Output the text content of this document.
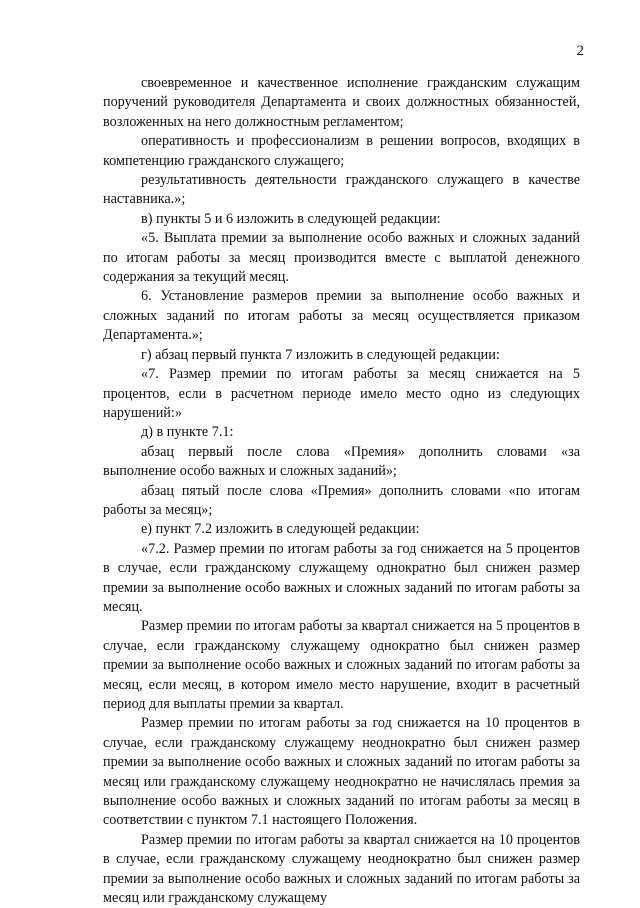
2

своевременное и качественное исполнение гражданским служащим поручений руководителя Департамента и своих должностных обязанностей, возложенных на него должностным регламентом;

оперативность и профессионализм в решении вопросов, входящих в компетенцию гражданского служащего;

результативность деятельности гражданского служащего в качестве наставника.»;

в) пункты 5 и 6 изложить в следующей редакции:

«5. Выплата премии за выполнение особо важных и сложных заданий по итогам работы за месяц производится вместе с выплатой денежного содержания за текущий месяц.

6. Установление размеров премии за выполнение особо важных и сложных заданий по итогам работы за месяц осуществляется приказом Департамента.»;

г) абзац первый пункта 7 изложить в следующей редакции:

«7. Размер премии по итогам работы за месяц снижается на 5 процентов, если в расчетном периоде имело место одно из следующих нарушений:»

д) в пункте 7.1:

абзац первый после слова «Премия» дополнить словами «за выполнение особо важных и сложных заданий»;

абзац пятый после слова «Премия» дополнить словами «по итогам работы за месяц»;

е) пункт 7.2 изложить в следующей редакции:

«7.2. Размер премии по итогам работы за год снижается на 5 процентов в случае, если гражданскому служащему однократно был снижен размер премии за выполнение особо важных и сложных заданий по итогам работы за месяц.

Размер премии по итогам работы за квартал снижается на 5 процентов в случае, если гражданскому служащему однократно был снижен размер премии за выполнение особо важных и сложных заданий по итогам работы за месяц, если месяц, в котором имело место нарушение, входит в расчетный период для выплаты премии за квартал.

Размер премии по итогам работы за год снижается на 10 процентов в случае, если гражданскому служащему неоднократно был снижен размер премии за выполнение особо важных и сложных заданий по итогам работы за месяц или гражданскому служащему неоднократно не начислялась премия за выполнение особо важных и сложных заданий по итогам работы за месяц в соответствии с пунктом 7.1 настоящего Положения.

Размер премии по итогам работы за квартал снижается на 10 процентов в случае, если гражданскому служащему неоднократно был снижен размер премии за выполнение особо важных и сложных заданий по итогам работы за месяц или гражданскому служащему
